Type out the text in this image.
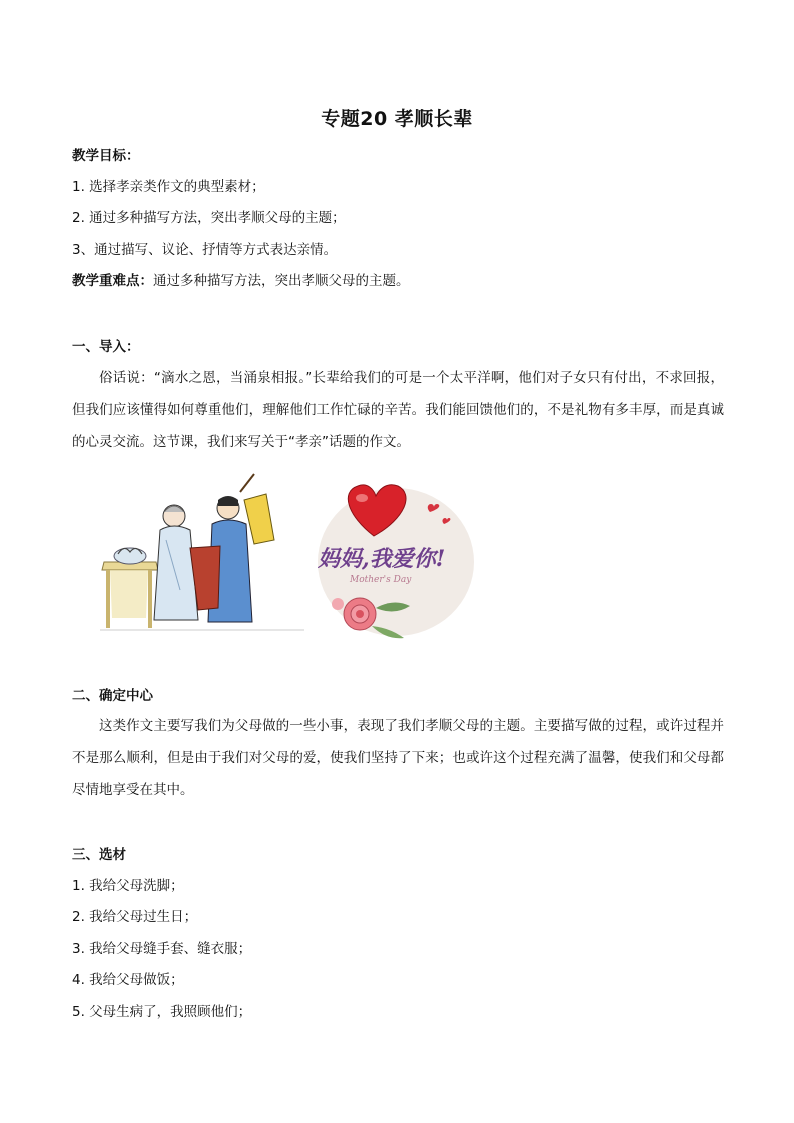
专题20 孝顺长辈
教学目标：
1. 选择孝亲类作文的典型素材；
2. 通过多种描写方法，突出孝顺父母的主题；
3、通过描写、议论、抒情等方式表达亲情。
教学重难点：通过多种描写方法，突出孝顺父母的主题。
一、导入：
俗话说：“滴水之恩，当涌泉相报。”长辈给我们的可是一个太平洋啊，他们对子女只有付出，不求回报，但我们应该懂得如何尊重他们，理解他们工作忙碌的辛苦。我们能回馈他们的，不是礼物有多丰厚，而是真诚的心灵交流。这节课，我们来写关于“孝亲”话题的作文。
妈妈,我爱你!
Mother's Day
二、确定中心
这类作文主要写我们为父母做的一些小事，表现了我们孝顺父母的主题。主要描写做的过程，或许过程并不是那么顺利，但是由于我们对父母的爱，使我们坚持了下来；也或许这个过程充满了温馨，使我们和父母都尽情地享受在其中。
三、选材
1. 我给父母洗脚；
2. 我给父母过生日；
3. 我给父母缝手套、缝衣服；
4. 我给父母做饭；
5. 父母生病了，我照顾他们；
